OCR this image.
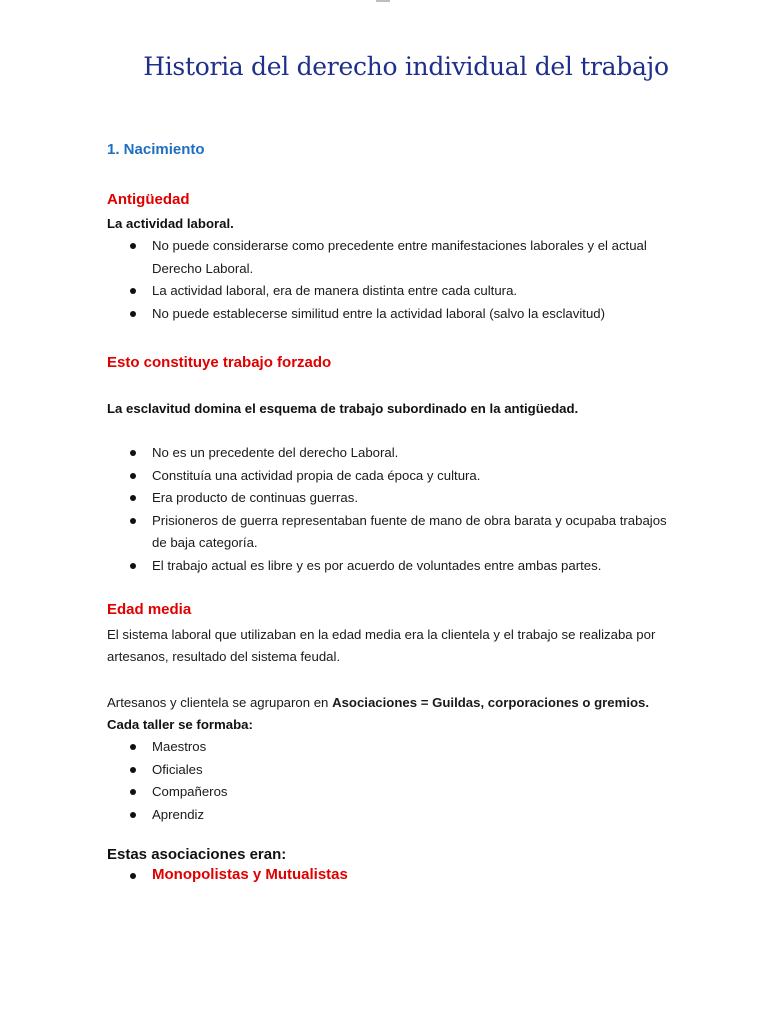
Historia del derecho individual del trabajo
1. Nacimiento
Antigüedad
La actividad laboral.
No puede considerarse como precedente entre manifestaciones laborales y el actual Derecho Laboral.
La actividad laboral, era de manera distinta entre cada cultura.
No puede establecerse similitud entre la actividad laboral (salvo la esclavitud)
Esto constituye trabajo forzado
La esclavitud domina el esquema de trabajo subordinado en la antigüedad.
No es un precedente del derecho Laboral.
Constituía una actividad propia de cada época y cultura.
Era producto de continuas guerras.
Prisioneros de guerra representaban fuente de mano de obra barata y ocupaba trabajos de baja categoría.
El trabajo actual es libre y es por acuerdo de voluntades entre ambas partes.
Edad media
El sistema laboral que utilizaban en la edad media era la clientela y el trabajo se realizaba por artesanos, resultado del sistema feudal.
Artesanos y clientela se agruparon en Asociaciones = Guildas, corporaciones o gremios.
Cada taller se formaba:
Maestros
Oficiales
Compañeros
Aprendiz
Estas asociaciones eran:
Monopolistas y Mutualistas
